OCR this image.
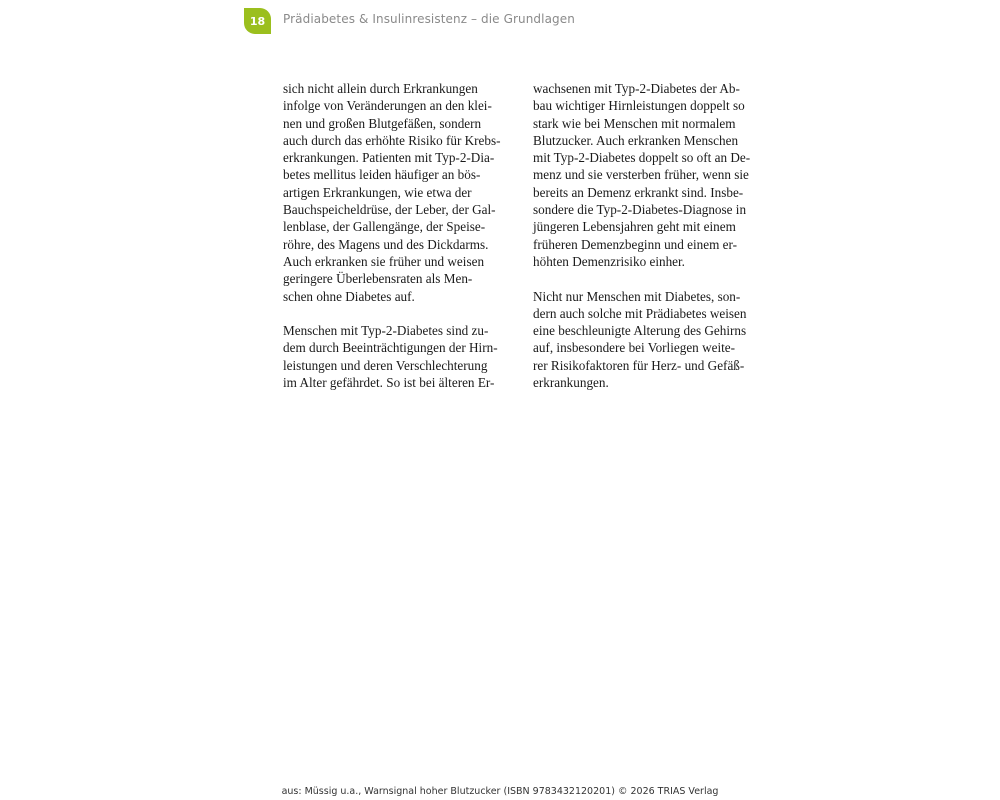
18	Prädiabetes & Insulinresistenz – die Grundlagen

sich nicht allein durch Erkrankungen
infolge von Veränderungen an den klei-
nen und großen Blutgefäßen, sondern
auch durch das erhöhte Risiko für Krebs-
erkrankungen. Patienten mit Typ-2-Dia-
betes mellitus leiden häufiger an bös-
artigen Erkrankungen, wie etwa der
Bauchspeicheldrüse, der Leber, der Gal-
lenblase, der Gallengänge, der Speise-
röhre, des Magens und des Dickdarms.
Auch erkranken sie früher und weisen
geringere Überlebensraten als Men-
schen ohne Diabetes auf.

Menschen mit Typ-2-Diabetes sind zu-
dem durch Beeinträchtigungen der Hirn-
leistungen und deren Verschlechterung
im Alter gefährdet. So ist bei älteren Er-

wachsenen mit Typ-2-Diabetes der Ab-
bau wichtiger Hirnleistungen doppelt so
stark wie bei Menschen mit normalem
Blutzucker. Auch erkranken Menschen
mit Typ-2-Diabetes doppelt so oft an De-
menz und sie versterben früher, wenn sie
bereits an Demenz erkrankt sind. Insbe-
sondere die Typ-2-Diabetes-Diagnose in
jüngeren Lebensjahren geht mit einem
früheren Demenzbeginn und einem er-
höhten Demenzrisiko einher.

Nicht nur Menschen mit Diabetes, son-
dern auch solche mit Prädiabetes weisen
eine beschleunigte Alterung des Gehirns
auf, insbesondere bei Vorliegen weite-
rer Risikofaktoren für Herz- und Gefäß-
erkrankungen.

aus: Müssig u.a., Warnsignal hoher Blutzucker (ISBN 9783432120201) © 2026 TRIAS Verlag
